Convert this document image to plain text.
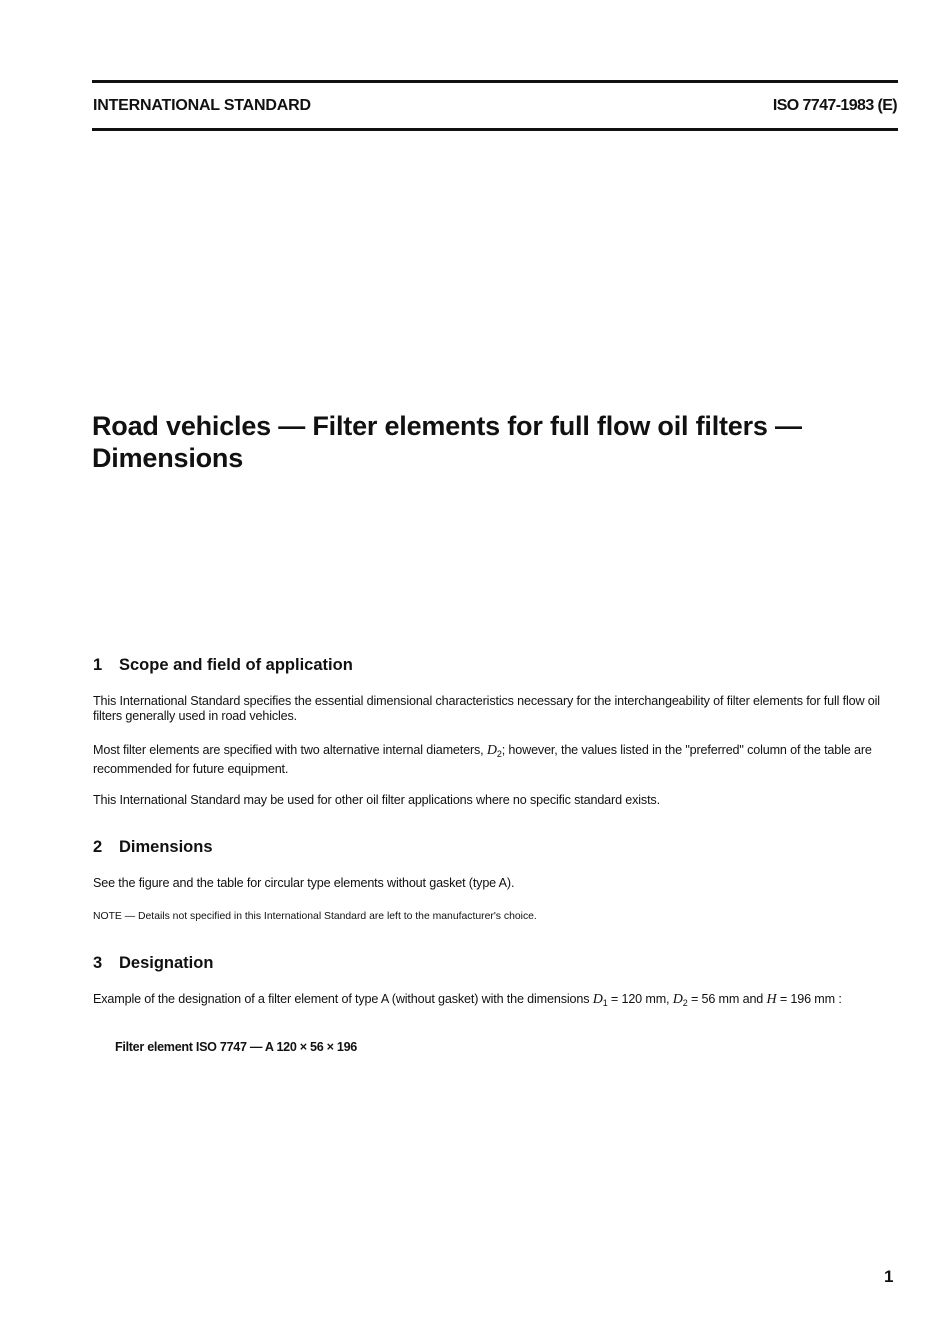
INTERNATIONAL STANDARD	ISO 7747-1983 (E)
Road vehicles — Filter elements for full flow oil filters —
Dimensions
1 Scope and field of application
This International Standard specifies the essential dimensional characteristics necessary for the interchangeability of filter elements for full flow oil filters generally used in road vehicles.
Most filter elements are specified with two alternative internal diameters, $D_2$; however, the values listed in the "preferred" column of the table are recommended for future equipment.
This International Standard may be used for other oil filter applications where no specific standard exists.
2 Dimensions
See the figure and the table for circular type elements without gasket (type A).
NOTE — Details not specified in this International Standard are left to the manufacturer's choice.
3 Designation
Example of the designation of a filter element of type A (without gasket) with the dimensions $D_1 = 120$ mm, $D_2 = 56$ mm and H = 196 mm :
Filter element ISO 7747 — A 120 × 56 × 196
1
